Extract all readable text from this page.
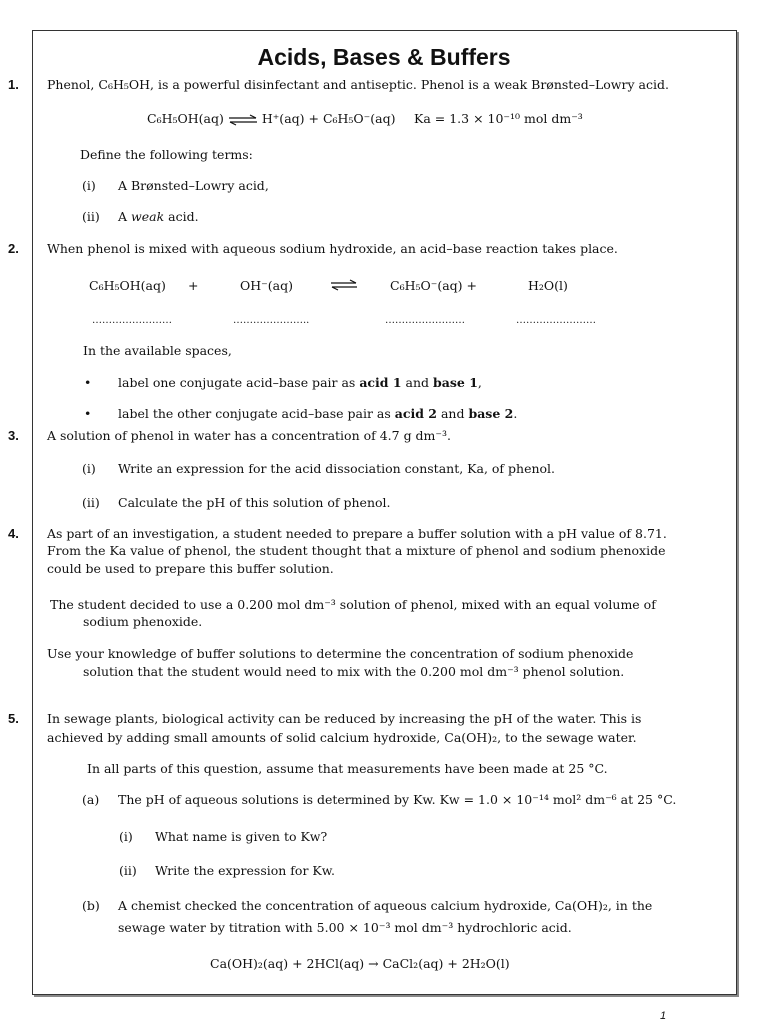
Acids, Bases & Buffers
1. Phenol, C₆H₅OH, is a powerful disinfectant and antiseptic. Phenol is a weak Brønsted–Lowry acid.
C₆H₅OH(aq) ⇌ H⁺(aq) + C₆H₅O⁻(aq) Ka = 1.3 × 10⁻¹⁰ mol dm⁻³
Define the following terms:
(i) A Brønsted–Lowry acid,
(ii) A weak acid.
2. When phenol is mixed with aqueous sodium hydroxide, an acid–base reaction takes place.
C₆H₅OH(aq) +	OH⁻(aq)	C₆H₅O⁻(aq) +	H₂O(l)
……………………	…………………..	……………………	……………………
In the available spaces,
• label one conjugate acid–base pair as acid 1 and base 1,
• label the other conjugate acid–base pair as acid 2 and base 2.
3. A solution of phenol in water has a concentration of 4.7 g dm⁻³.
(i) Write an expression for the acid dissociation constant, Ka, of phenol.
(ii) Calculate the pH of this solution of phenol.
4. As part of an investigation, a student needed to prepare a buffer solution with a pH value of 8.71.
From the Ka value of phenol, the student thought that a mixture of phenol and sodium phenoxide
could be used to prepare this buffer solution.
The student decided to use a 0.200 mol dm⁻³ solution of phenol, mixed with an equal volume of
sodium phenoxide.
Use your knowledge of buffer solutions to determine the concentration of sodium phenoxide
solution that the student would need to mix with the 0.200 mol dm⁻³ phenol solution.
5. In sewage plants, biological activity can be reduced by increasing the pH of the water. This is
achieved by adding small amounts of solid calcium hydroxide, Ca(OH)₂, to the sewage water.
In all parts of this question, assume that measurements have been made at 25 °C.
(a) The pH of aqueous solutions is determined by Kw. Kw = 1.0 × 10⁻¹⁴ mol² dm⁻⁶ at 25 °C.
(i) What name is given to Kw?
(ii) Write the expression for Kw.
(b) A chemist checked the concentration of aqueous calcium hydroxide, Ca(OH)₂, in the
sewage water by titration with 5.00 × 10⁻³ mol dm⁻³ hydrochloric acid.
Ca(OH)₂(aq) + 2HCl(aq) → CaCl₂(aq) + 2H₂O(l)
1
